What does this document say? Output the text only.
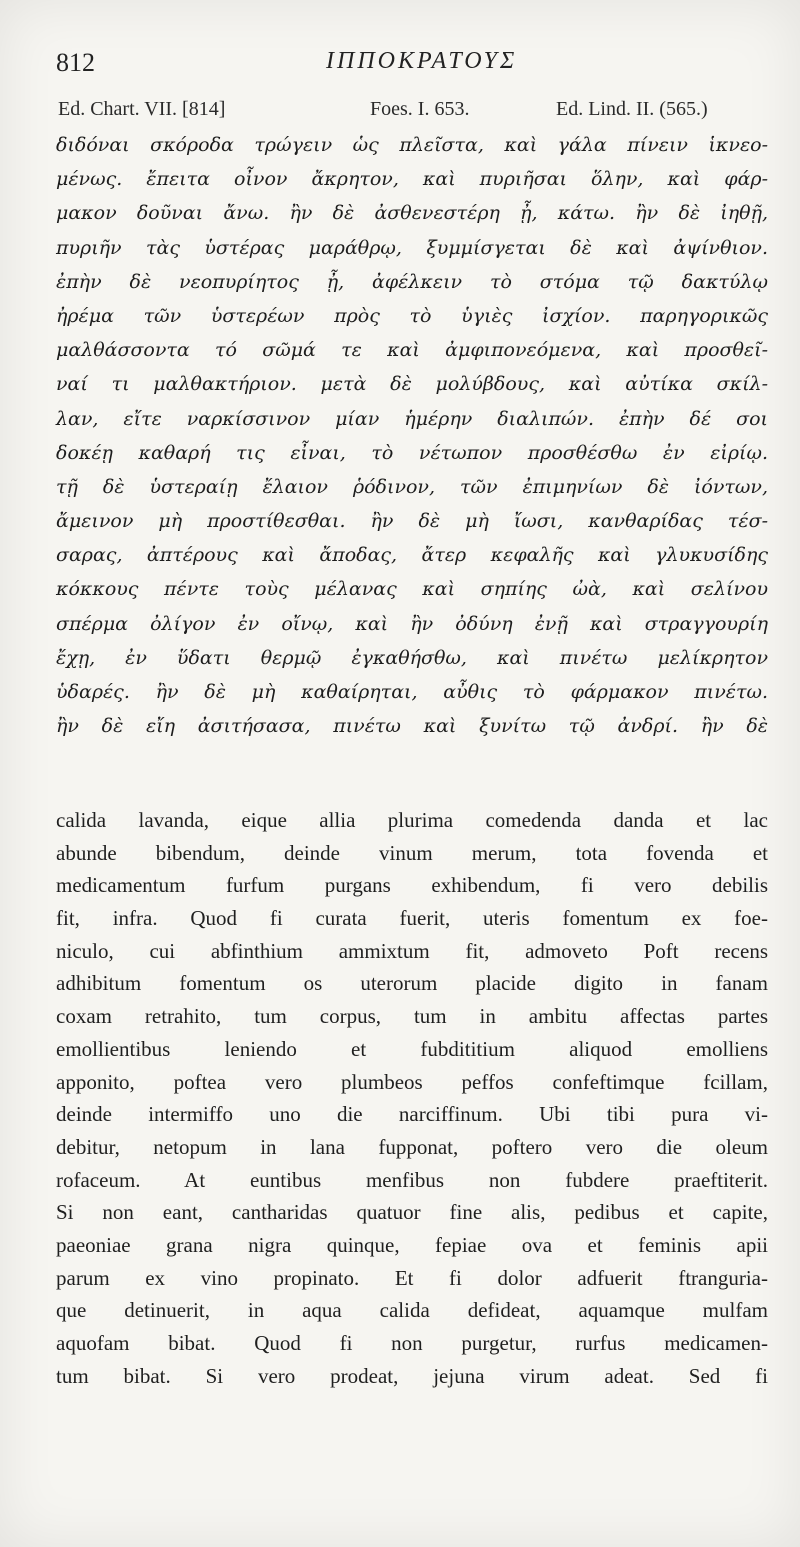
812	ΙΠΠΟΚΡΑΤΟΥΣ
Ed. Chart. VII. [814]	Foes. I. 653.	Ed. Lind. II. (565.)
διδόναι σκόροδα τρώγειν ὡς πλεῖστα, καὶ γάλα πίνειν ἱκνεο-
μένως. ἔπειτα οἶνον ἄκρητον, καὶ πυριῆσαι ὅλην, καὶ φάρ-
μακον δοῦναι ἄνω. ἢν δὲ ἀσθενεστέρη ᾖ, κάτω. ἢν δὲ ἰηθῇ,
πυριῆν τὰς ὑστέρας μαράθρῳ, ξυμμίσγεται δὲ καὶ ἀψίνθιον.
ἐπὴν δὲ νεοπυρίητος ᾖ, ἀφέλκειν τὸ στόμα τῷ δακτύλῳ
ἠρέμα τῶν ὑστερέων πρὸς τὸ ὑγιὲς ἰσχίον. παρηγορικῶς
μαλθάσσοντα τό σῶμά τε καὶ ἀμφιπονεόμενα, καὶ προσθεῖ-
ναί τι μαλθακτήριον. μετὰ δὲ μολύβδους, καὶ αὐτίκα σκίλ-
λαν, εἴτε ναρκίσσινον μίαν ἡμέρην διαλιπών. ἐπὴν δέ σοι
δοκέῃ καθαρή τις εἶναι, τὸ νέτωπον προσθέσθω ἐν εἰρίῳ.
τῇ δὲ ὑστεραίῃ ἔλαιον ῥόδινον, τῶν ἐπιμηνίων δὲ ἰόντων,
ἄμεινον μὴ προστίθεσθαι. ἢν δὲ μὴ ἴωσι, κανθαρίδας τέσ-
σαρας, ἀπτέρους καὶ ἄποδας, ἄτερ κεφαλῆς καὶ γλυκυσίδης
κόκκους πέντε τοὺς μέλανας καὶ σηπίης ὠὰ, καὶ σελίνου
σπέρμα ὀλίγον ἐν οἴνῳ, καὶ ἢν ὀδύνη ἐνῇ καὶ στραγγουρίη
ἔχῃ, ἐν ὕδατι θερμῷ ἐγκαθήσθω, καὶ πινέτω μελίκρητον
ὑδαρές. ἢν δὲ μὴ καθαίρηται, αὖθις τὸ φάρμακον πινέτω.
ἢν δὲ εἴη ἀσιτήσασα, πινέτω καὶ ξυνίτω τῷ ἀνδρί. ἢν δὲ
calida lavanda, eique allia plurima comedenda danda et lac
abunde bibendum, deinde vinum merum, tota fovenda et
medicamentum furfum purgans exhibendum, fi vero debilis
fit, infra. Quod fi curata fuerit, uteris fomentum ex foe-
niculo, cui abfinthium ammixtum fit, admoveto Poft recens
adhibitum fomentum os uterorum placide digito in fanam
coxam retrahito, tum corpus, tum in ambitu affectas partes
emollientibus leniendo et fubdititium aliquod emolliens
apponito, poftea vero plumbeos peffos confeftimque fcillam,
deinde intermiffo uno die narciffinum. Ubi tibi pura vi-
debitur, netopum in lana fupponat, poftero vero die oleum
rofaceum. At euntibus menfibus non fubdere praeftiterit.
Si non eant, cantharidas quatuor fine alis, pedibus et capite,
paeoniae grana nigra quinque, fepiae ova et feminis apii
parum ex vino propinato. Et fi dolor adfuerit ftranguria-
que detinuerit, in aqua calida defideat, aquamque mulfam
aquofam bibat. Quod fi non purgetur, rurfus medicamen-
tum bibat. Si vero prodeat, jejuna virum adeat. Sed fi
